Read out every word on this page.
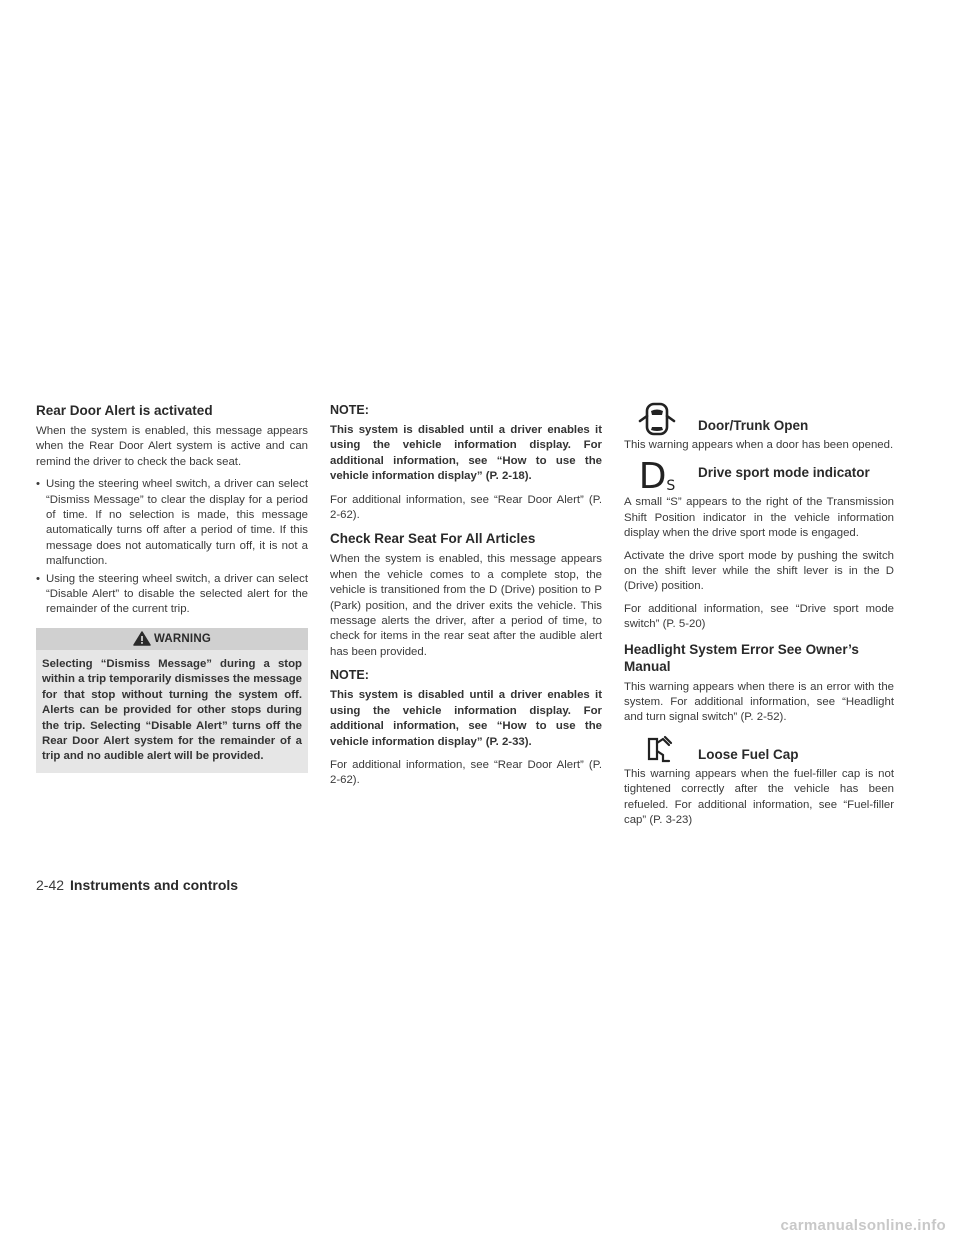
Rear Door Alert is activated

When the system is enabled, this message appears when the Rear Door Alert system is active and can remind the driver to check the back seat.

• Using the steering wheel switch, a driver can select “Dismiss Message” to clear the display for a period of time. If no selection is made, this message automatically turns off after a period of time. If this message does not automatically turn off, it is not a malfunction.
• Using the steering wheel switch, a driver can select “Disable Alert” to disable the selected alert for the remainder of the current trip.
WARNING
Selecting “Dismiss Message” during a stop within a trip temporarily dismisses the message for that stop without turning the system off. Alerts can be provided for other stops during the trip. Selecting “Disable Alert” turns off the Rear Door Alert system for the remainder of a trip and no audible alert will be provided.
NOTE:
This system is disabled until a driver enables it using the vehicle information display. For additional information, see “How to use the vehicle information display” (P. 2-18).

For additional information, see “Rear Door Alert” (P. 2-62).

Check Rear Seat For All Articles

When the system is enabled, this message appears when the vehicle comes to a complete stop, the vehicle is transitioned from the D (Drive) position to P (Park) position, and the driver exits the vehicle. This message alerts the driver, after a period of time, to check for items in the rear seat after the audible alert has been provided.

NOTE:
This system is disabled until a driver enables it using the vehicle information display. For additional information, see “How to use the vehicle information display” (P. 2-33).

For additional information, see “Rear Door Alert” (P. 2-62).

Door/Trunk Open

This warning appears when a door has been opened.

D S
Drive sport mode indicator

A small “S” appears to the right of the Transmission Shift Position indicator in the vehicle information display when the drive sport mode is engaged.

Activate the drive sport mode by pushing the switch on the shift lever while the shift lever is in the D (Drive) position.

For additional information, see “Drive sport mode switch” (P. 5-20)

Headlight System Error See Owner’s Manual

This warning appears when there is an error with the system. For additional information, see “Headlight and turn signal switch” (P. 2-52).

Loose Fuel Cap

This warning appears when the fuel-filler cap is not tightened correctly after the vehicle has been refueled. For additional information, see “Fuel-filler cap” (P. 3-23)

2-42 Instruments and controls
carmanualsonline.info
